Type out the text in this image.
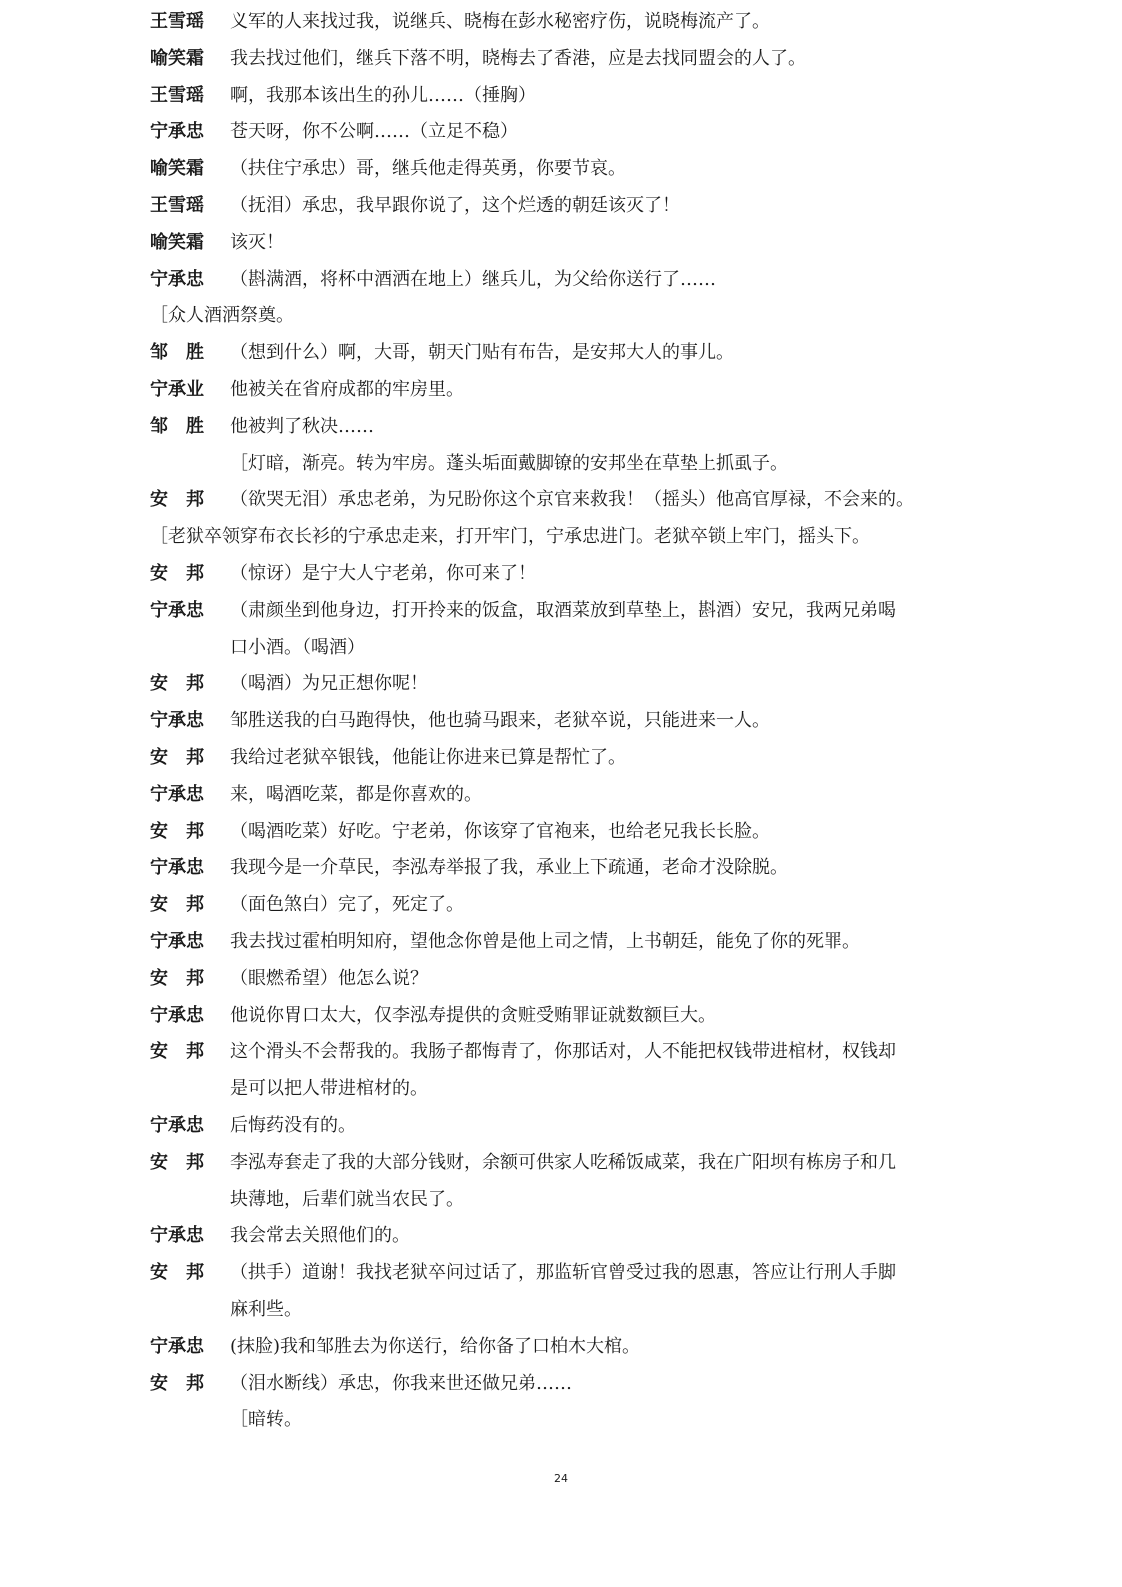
王雪瑶	义军的人来找过我，说继兵、晓梅在彭水秘密疗伤，说晓梅流产了。
喻笑霜	我去找过他们，继兵下落不明，晓梅去了香港，应是去找同盟会的人了。
王雪瑶	啊，我那本该出生的孙儿……（捶胸）
宁承忠	苍天呀，你不公啊……（立足不稳）
喻笑霜	（扶住宁承忠）哥，继兵他走得英勇，你要节哀。
王雪瑶	（抚泪）承忠，我早跟你说了，这个烂透的朝廷该灭了！
喻笑霜	该灭！
宁承忠	（斟满酒，将杯中酒洒在地上）继兵儿，为父给你送行了……
［众人酒洒祭奠。
邹胜 （想到什么）啊，大哥，朝天门贴有布告，是安邦大人的事儿。
宁承业	他被关在省府成都的牢房里。
邹胜 他被判了秋决……
［灯暗，渐亮。转为牢房。蓬头垢面戴脚镣的安邦坐在草垫上抓虱子。
安邦 （欲哭无泪）承忠老弟，为兄盼你这个京官来救我！（摇头）他高官厚禄，不会来的。
［老狱卒领穿布衣长衫的宁承忠走来，打开牢门，宁承忠进门。老狱卒锁上牢门，摇头下。
安邦 （惊讶）是宁大人宁老弟，你可来了！
宁承忠	（肃颜坐到他身边，打开拎来的饭盒，取酒菜放到草垫上，斟酒）安兄，我两兄弟喝
口小酒。（喝酒）
安邦 （喝酒）为兄正想你呢！
宁承忠	邹胜送我的白马跑得快，他也骑马跟来，老狱卒说，只能进来一人。
安邦 我给过老狱卒银钱，他能让你进来已算是帮忙了。
宁承忠	来，喝酒吃菜，都是你喜欢的。
安邦 （喝酒吃菜）好吃。宁老弟，你该穿了官袍来，也给老兄我长长脸。
宁承忠	我现今是一介草民，李泓寿举报了我，承业上下疏通，老命才没除脱。
安邦 （面色煞白）完了，死定了。
宁承忠	我去找过霍柏明知府，望他念你曾是他上司之情，上书朝廷，能免了你的死罪。
安邦 （眼燃希望）他怎么说？
宁承忠	他说你胃口太大，仅李泓寿提供的贪赃受贿罪证就数额巨大。
安邦 这个滑头不会帮我的。我肠子都悔青了，你那话对，人不能把权钱带进棺材，权钱却
是可以把人带进棺材的。
宁承忠	后悔药没有的。
安邦 李泓寿套走了我的大部分钱财，余额可供家人吃稀饭咸菜，我在广阳坝有栋房子和几
块薄地，后辈们就当农民了。
宁承忠	我会常去关照他们的。
安邦 （拱手）道谢！我找老狱卒问过话了，那监斩官曾受过我的恩惠，答应让行刑人手脚
麻利些。
宁承忠	(抹脸)我和邹胜去为你送行，给你备了口柏木大棺。
安邦 （泪水断线）承忠，你我来世还做兄弟……
［暗转。
24
